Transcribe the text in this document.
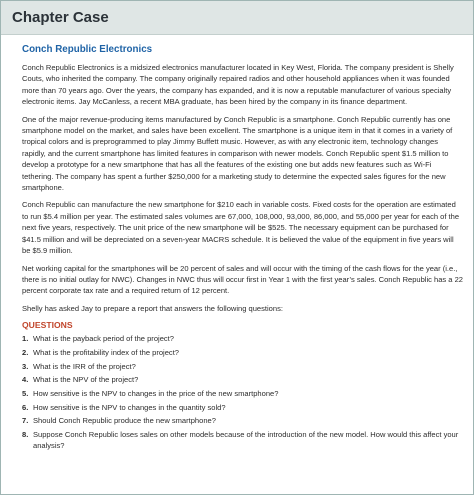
Chapter Case
Conch Republic Electronics

Conch Republic Electronics is a midsized electronics manufacturer located in Key West, Florida. The company president is Shelly Couts, who inherited the company. The company originally repaired radios and other household appliances when it was founded more than 70 years ago. Over the years, the company has expanded, and it is now a reputable manufacturer of various specialty electronic items. Jay McCanless, a recent MBA graduate, has been hired by the company in its finance department.

One of the major revenue-producing items manufactured by Conch Republic is a smartphone. Conch Republic currently has one smartphone model on the market, and sales have been excellent. The smartphone is a unique item in that it comes in a variety of tropical colors and is preprogrammed to play Jimmy Buffett music. However, as with any electronic item, technology changes rapidly, and the current smartphone has limited features in comparison with newer models. Conch Republic spent $1.5 million to develop a prototype for a new smartphone that has all the features of the existing one but adds new features such as Wi-Fi tethering. The company has spent a further $250,000 for a marketing study to determine the expected sales figures for the new smartphone.

Conch Republic can manufacture the new smartphone for $210 each in variable costs. Fixed costs for the operation are estimated to run $5.4 million per year. The estimated sales volumes are 67,000, 108,000, 93,000, 86,000, and 55,000 per year for each of the next five years, respectively. The unit price of the new smartphone will be $525. The necessary equipment can be purchased for $41.5 million and will be depreciated on a seven-year MACRS schedule. It is believed the value of the equipment in five years will be $5.9 million.

Net working capital for the smartphones will be 20 percent of sales and will occur with the timing of the cash flows for the year (i.e., there is no initial outlay for NWC). Changes in NWC thus will occur first in Year 1 with the first year’s sales. Conch Republic has a 22 percent corporate tax rate and a required return of 12 percent.

Shelly has asked Jay to prepare a report that answers the following questions:

QUESTIONS
1. What is the payback period of the project?
2. What is the profitability index of the project?
3. What is the IRR of the project?
4. What is the NPV of the project?
5. How sensitive is the NPV to changes in the price of the new smartphone?
6. How sensitive is the NPV to changes in the quantity sold?
7. Should Conch Republic produce the new smartphone?
8. Suppose Conch Republic loses sales on other models because of the introduction of the new model. How would this affect your analysis?
